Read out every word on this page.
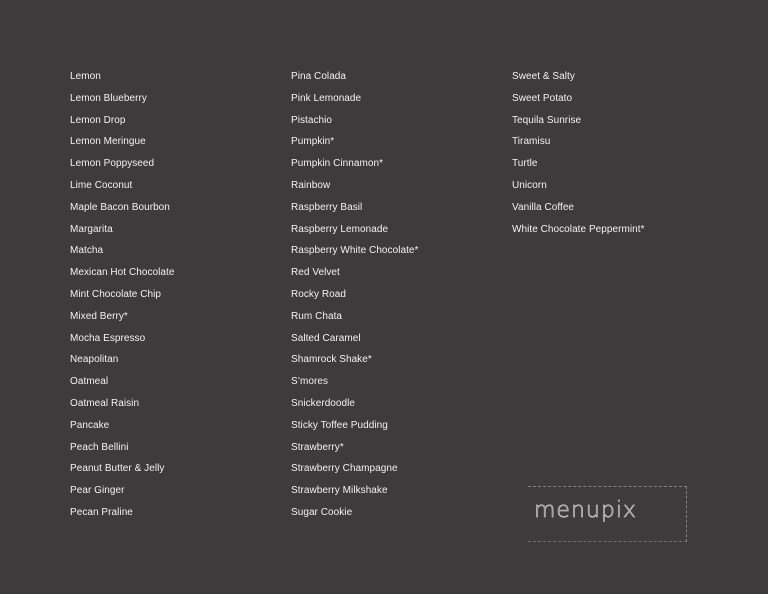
Lemon
Lemon Blueberry
Lemon Drop
Lemon Meringue
Lemon Poppyseed
Lime Coconut
Maple Bacon Bourbon
Margarita
Matcha
Mexican Hot Chocolate
Mint Chocolate Chip
Mixed Berry*
Mocha Espresso
Neapolitan
Oatmeal
Oatmeal Raisin
Pancake
Peach Bellini
Peanut Butter & Jelly
Pear Ginger
Pecan Praline
Pina Colada
Pink Lemonade
Pistachio
Pumpkin*
Pumpkin Cinnamon*
Rainbow
Raspberry Basil
Raspberry Lemonade
Raspberry White Chocolate*
Red Velvet
Rocky Road
Rum Chata
Salted Caramel
Shamrock Shake*
S’mores
Snickerdoodle
Sticky Toffee Pudding
Strawberry*
Strawberry Champagne
Strawberry Milkshake
Sugar Cookie
Sweet & Salty
Sweet Potato
Tequila Sunrise
Tiramisu
Turtle
Unicorn
Vanilla Coffee
White Chocolate Peppermint*
menupix
